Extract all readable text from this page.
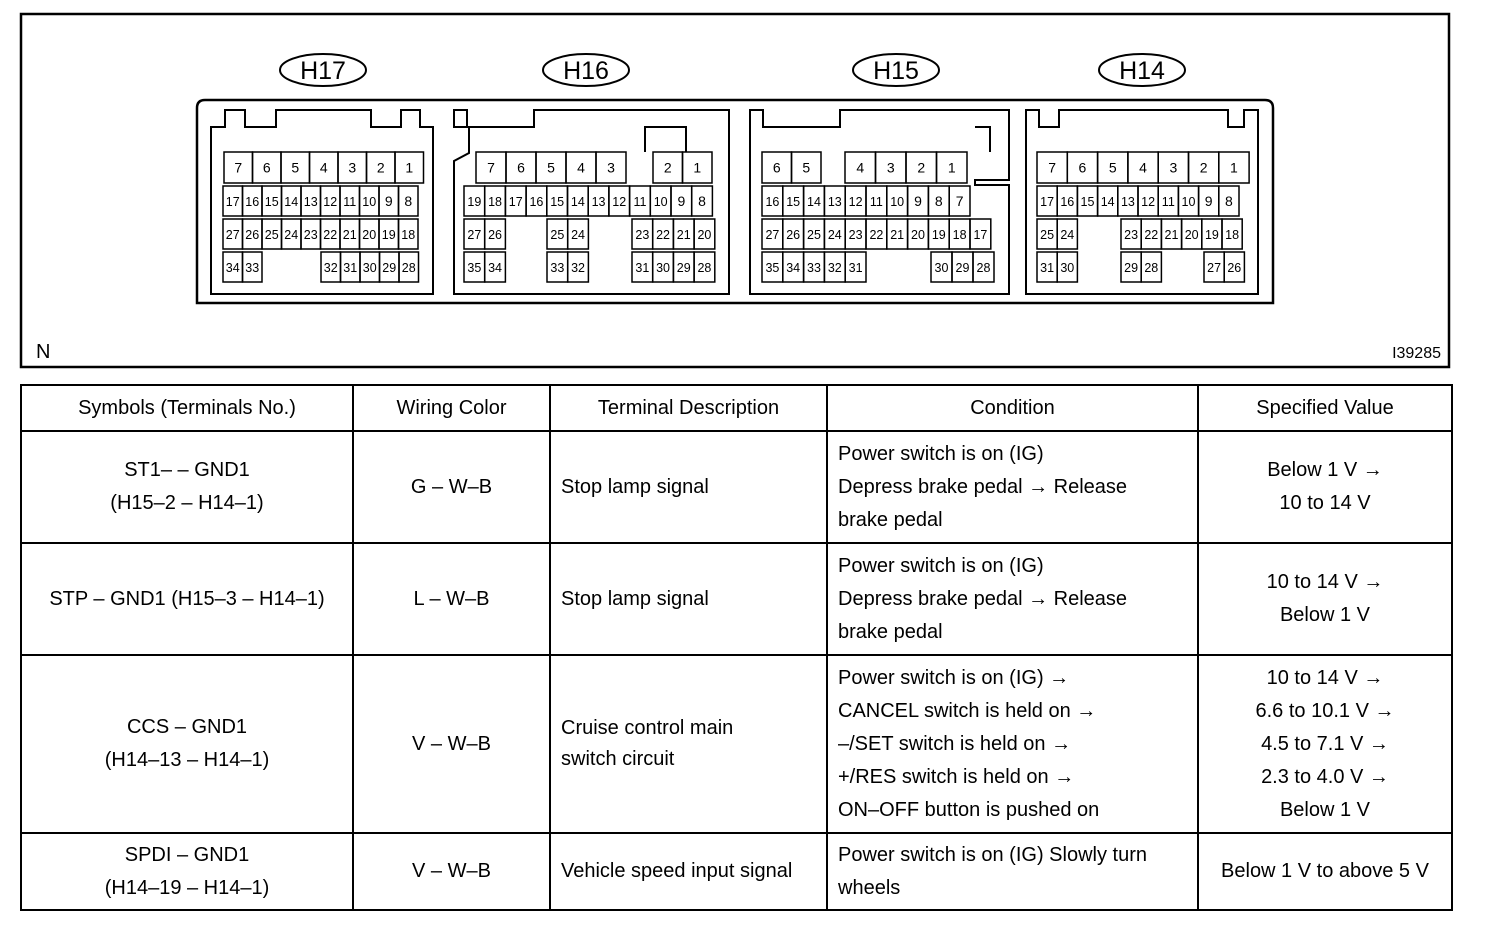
H17	H16	H15	H14
7 6 5 4 3 2 1
17 16 15 14 13 12 11 10 9 8
27 26 25 24 23 22 21 20 19 18
34 33	32 31 30 29 28
7 6 5 4 3	2 1
19 18 17 16 15 14 13 12 11 10 9 8
27 26	25 24	23 22 21 20
35 34	33 32	31 30 29 28
6 5	4 3 2 1
16 15 14 13 12 11 10 9 8 7
27 26 25 24 23 22 21 20 19 18 17
35 34 33 32 31	30 29 28
7 6 5 4 3 2 1
17 16 15 14 13 12 11 10 9 8
25 24	23 22 21 20 19 18
31 30	29 28	27 26
N	I39285
Symbols (Terminals No.)	Wiring Color	Terminal Description	Condition	Specified Value

ST1– – GND1
(H15–2 – H14–1)	G – W–B	Stop lamp signal	Power switch is on (IG)
Depress brake pedal → Release
brake pedal	Below 1 V →
10 to 14 V

STP – GND1 (H15–3 – H14–1)	L – W–B	Stop lamp signal	Power switch is on (IG)
Depress brake pedal → Release
brake pedal	10 to 14 V →
Below 1 V

CCS – GND1
(H14–13 – H14–1)	V – W–B	Cruise control main
switch circuit	Power switch is on (IG) →
CANCEL switch is held on →
–/SET switch is held on →
+/RES switch is held on →
ON–OFF button is pushed on	10 to 14 V →
6.6 to 10.1 V →
4.5 to 7.1 V →
2.3 to 4.0 V →
Below 1 V

SPDI – GND1
(H14–19 – H14–1)	V – W–B	Vehicle speed input signal	Power switch is on (IG) Slowly turn
wheels	Below 1 V to above 5 V
